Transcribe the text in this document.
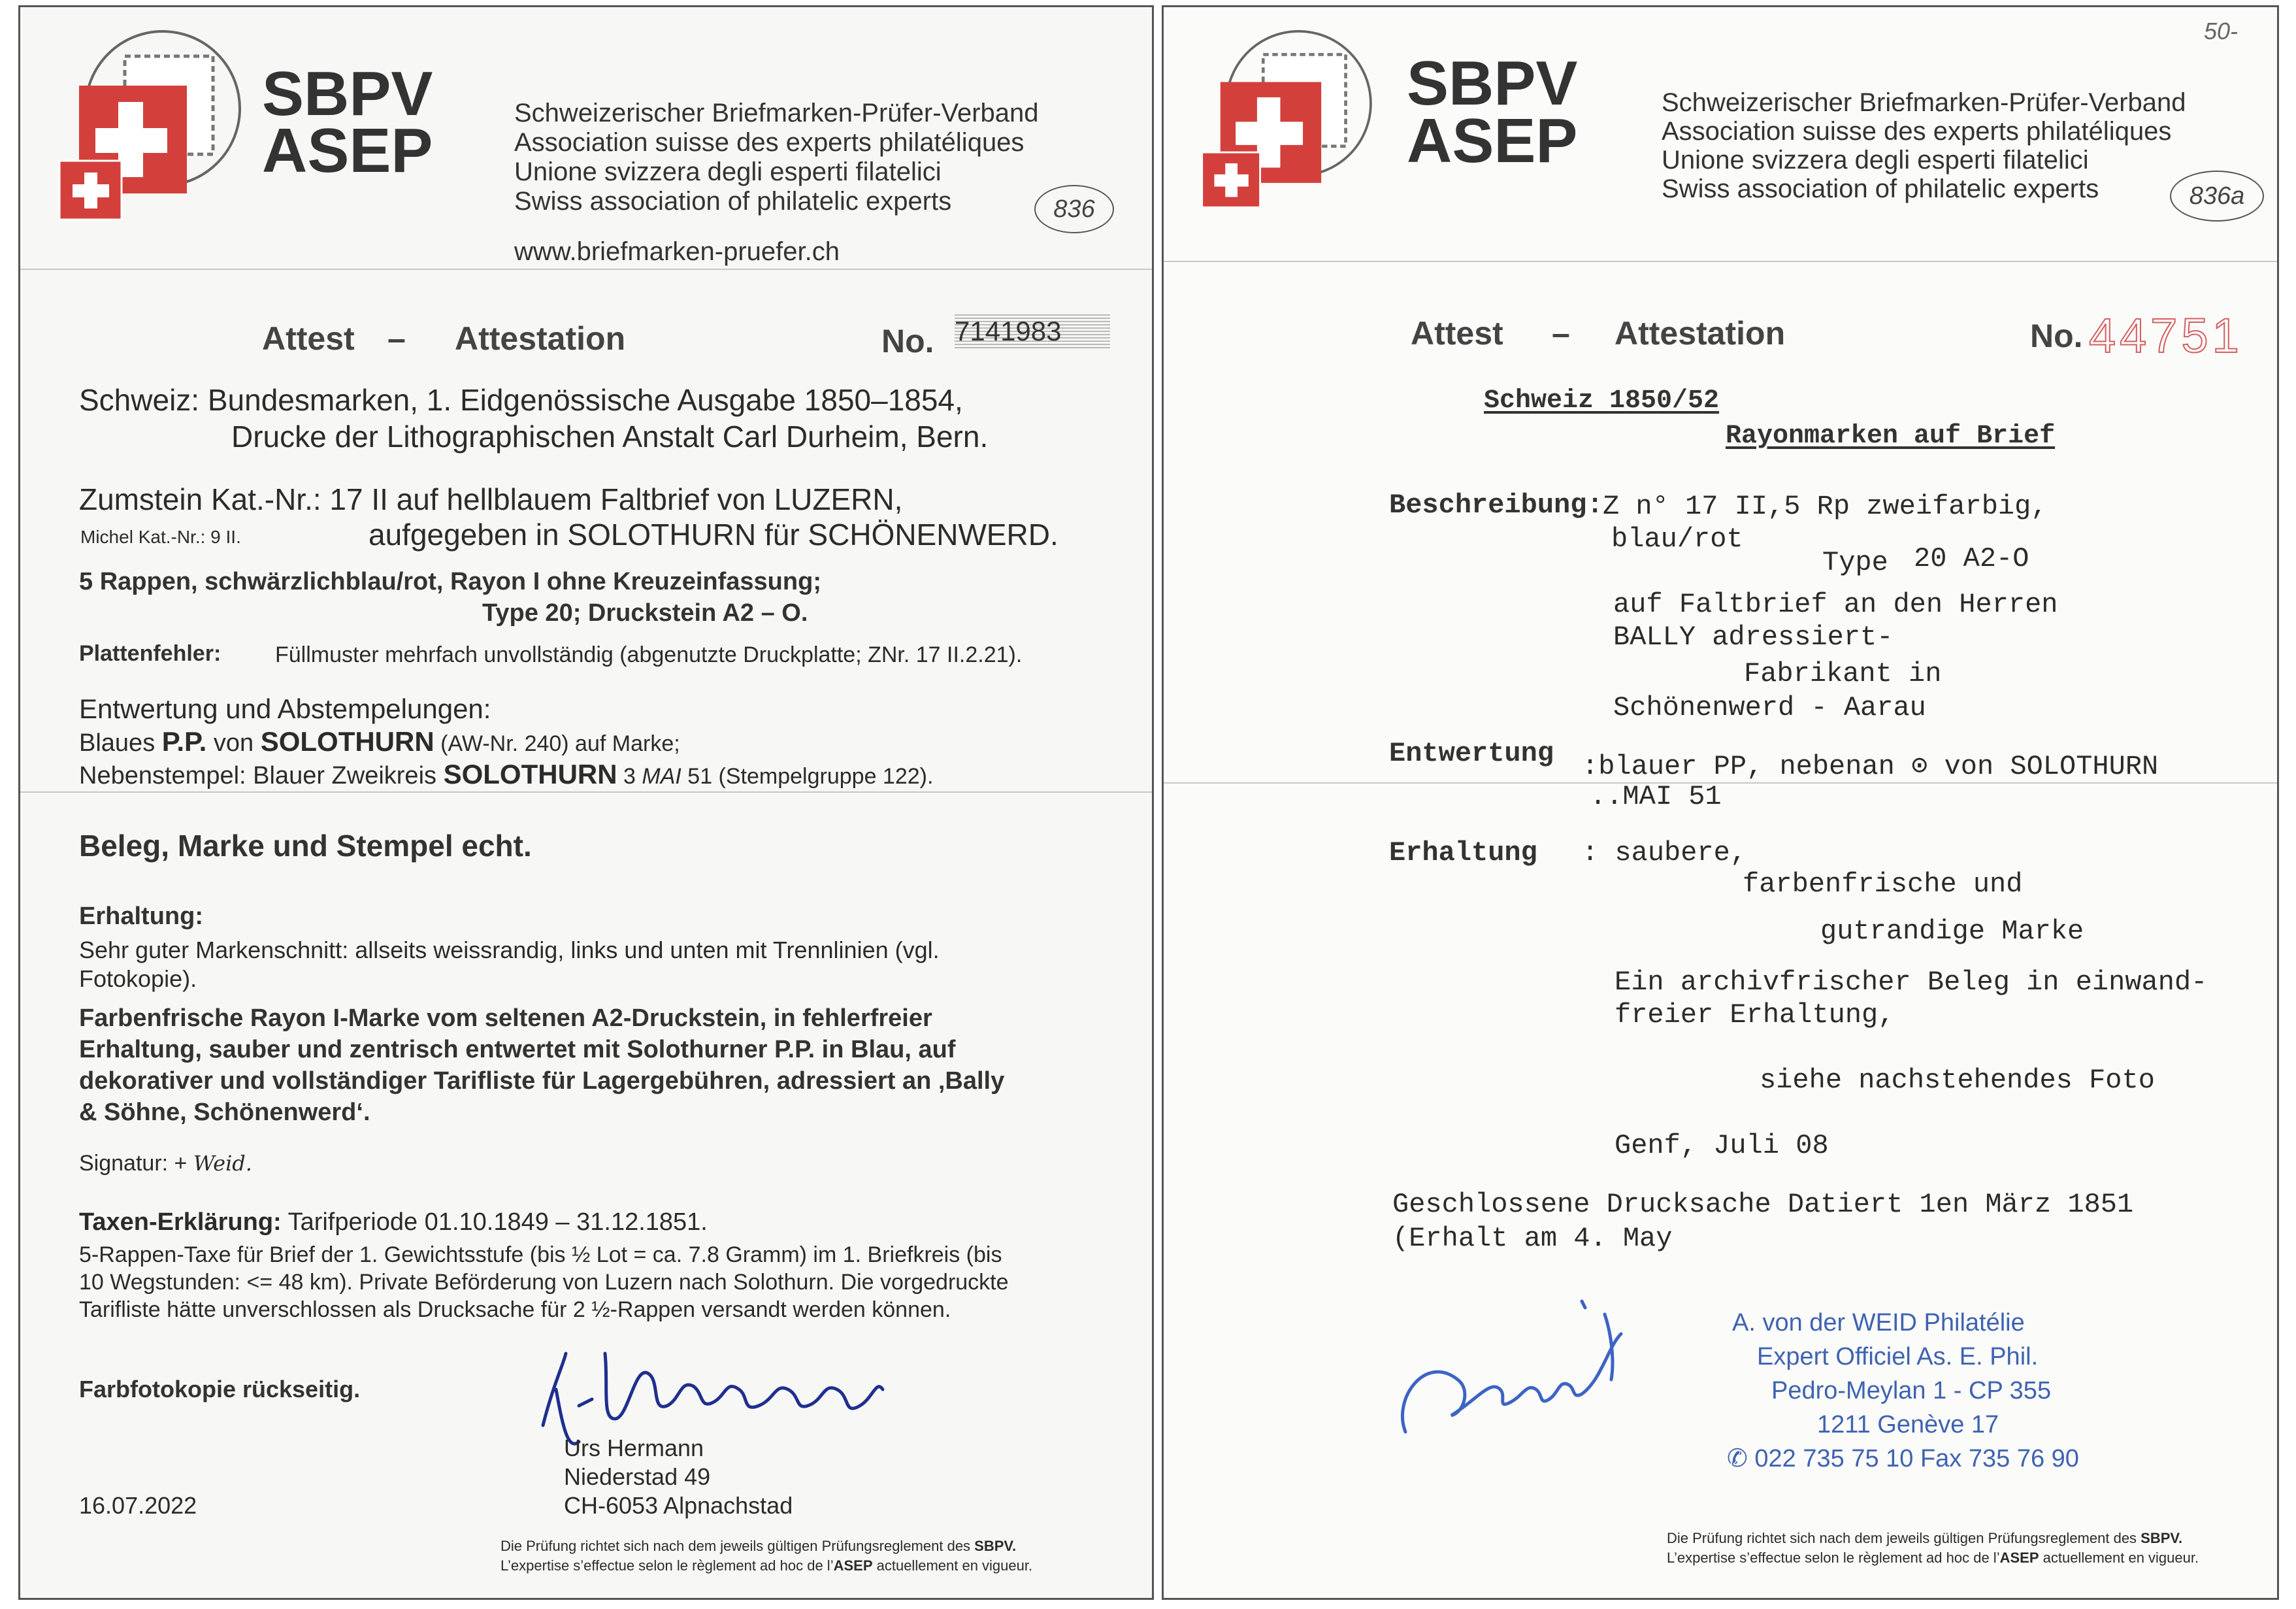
SBPV
ASEP
Schweizerischer Briefmarken-Prüfer-Verband
Association suisse des experts philatéliques
Unione svizzera degli esperti filatelici
Swiss association of philatelic experts
www.briefmarken-pruefer.ch
836
Attest – Attestation	No. 7141983
Schweiz: Bundesmarken, 1. Eidgenössische Ausgabe 1850–1854,
Drucke der Lithographischen Anstalt Carl Durheim, Bern.
Zumstein Kat.-Nr.: 17 II auf hellblauem Faltbrief von LUZERN,
Michel Kat.-Nr.: 9 II.	aufgegeben in SOLOTHURN für SCHÖNENWERD.
5 Rappen, schwärzlichblau/rot, Rayon I ohne Kreuzeinfassung;
Type 20; Druckstein A2 – O.
Plattenfehler: Füllmuster mehrfach unvollständig (abgenutzte Druckplatte; ZNr. 17 II.2.21).
Entwertung und Abstempelungen:
Blaues P.P. von SOLOTHURN (AW-Nr. 240) auf Marke;
Nebenstempel: Blauer Zweikreis SOLOTHURN 3 MAI 51 (Stempelgruppe 122).
Beleg, Marke und Stempel echt.
Erhaltung:
Sehr guter Markenschnitt: allseits weissrandig, links und unten mit Trennlinien (vgl.
Fotokopie).
Farbenfrische Rayon I-Marke vom seltenen A2-Druckstein, in fehlerfreier
Erhaltung, sauber und zentrisch entwertet mit Solothurner P.P. in Blau, auf
dekorativer und vollständiger Tarifliste für Lagergebühren, adressiert an ‚Bally
& Söhne, Schönenwerd‘.
Signatur: + Weid.
Taxen-Erklärung: Tarifperiode 01.10.1849 – 31.12.1851.
5-Rappen-Taxe für Brief der 1. Gewichtsstufe (bis ½ Lot = ca. 7.8 Gramm) im 1. Briefkreis (bis
10 Wegstunden: <= 48 km). Private Beförderung von Luzern nach Solothurn. Die vorgedruckte
Tarifliste hätte unverschlossen als Drucksache für 2 ½-Rappen versandt werden können.
Farbfotokopie rückseitig.
Urs Hermann
Niederstad 49
CH-6053 Alpnachstad
16.07.2022
Die Prüfung richtet sich nach dem jeweils gültigen Prüfungsreglement des SBPV.
L’expertise s’effectue selon le règlement ad hoc de l’ASEP actuellement en vigueur.
50-
SBPV
ASEP
Schweizerischer Briefmarken-Prüfer-Verband
Association suisse des experts philatéliques
Unione svizzera degli esperti filatelici
Swiss association of philatelic experts	836a
Attest – Attestation	No. 44751
Schweiz 1850/52
Rayonmarken auf Brief
Beschreibung: Z n° 17 II,5 Rp zweifarbig,
blau/rot
Type 20 A2-O
auf Faltbrief an den Herren
BALLY adressiert-
Fabrikant in
Schönenwerd - Aarau
Entwertung :blauer PP, nebenan ⊙ von SOLOTHURN
..MAI 51
Erhaltung : saubere,
farbenfrische und
gutrandige Marke
Ein archivfrischer Beleg in einwand-
freier Erhaltung,
siehe nachstehendes Foto
Genf, Juli 08
Geschlossene Drucksache Datiert 1en März 1851
(Erhalt am 4. May
A. von der WEID Philatélie
Expert Officiel As. E. Phil.
Pedro-Meylan 1 - CP 355
1211 Genève 17
✆ 022 735 75 10 Fax 735 76 90
Die Prüfung richtet sich nach dem jeweils gültigen Prüfungsreglement des SBPV.
L’expertise s’effectue selon le règlement ad hoc de l’ASEP actuellement en vigueur.
